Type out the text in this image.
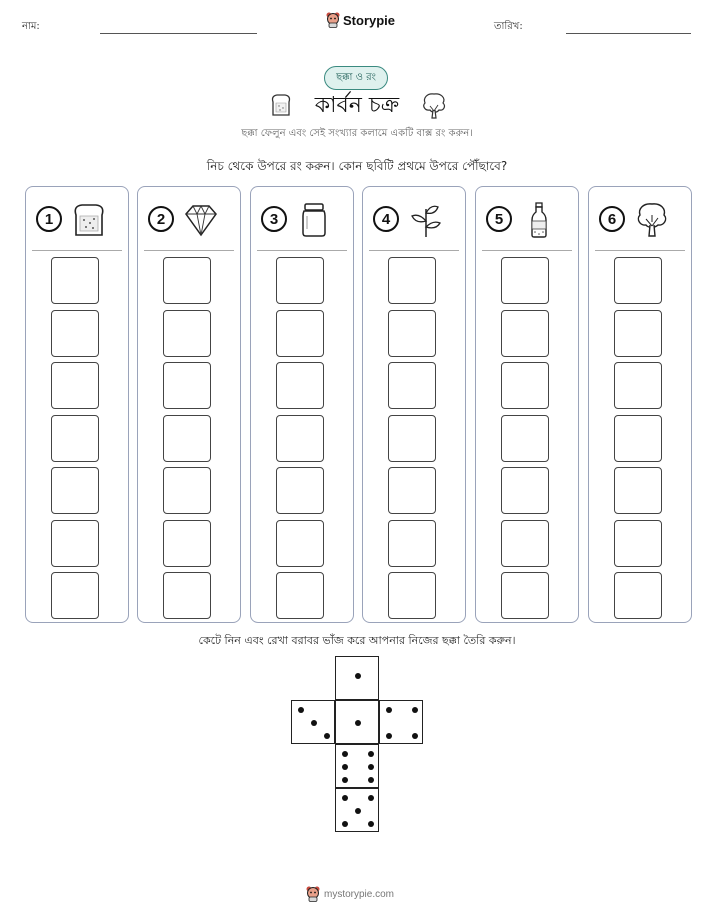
নাম:	Storypie	তারিখ:
ছক্কা ও রং
কার্বন চক্র
ছক্কা ফেলুন এবং সেই সংখ্যার কলামে একটি বাক্স রং করুন।
নিচ থেকে উপরে রং করুন। কোন ছবিটি প্রথমে উপরে পৌঁছাবে?
1	2	3	4	5	6
কেটে নিন এবং রেখা বরাবর ভাঁজ করে আপনার নিজের ছক্কা তৈরি করুন।
mystorypie.com
